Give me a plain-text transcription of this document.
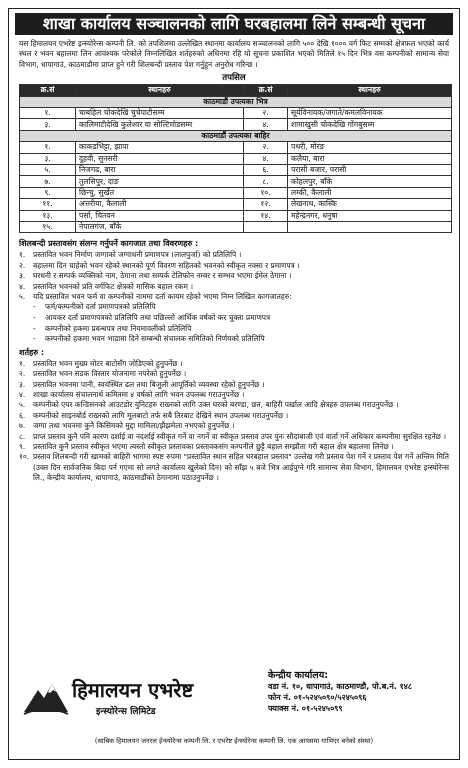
शाखा कार्यालय सञ्चालनको लागि घरबहालमा लिने सम्बन्धी सूचना
यस हिमालयन एभरेष्ट इन्स्योरेन्स कम्पनी लि. को तपशिलमा उल्लेखित स्थानमा कार्यालय सञ्चालनको लागि ५०० देखि १००० वर्ग फिट सम्मको क्षेत्रफल भएको कार्य स्थल र भवन बहालमा लिन आवश्यक परेकोले निम्नलिखित शर्तहरुको अधिनमा रहि यो सूचना प्रकाशित भएको मितिले १५ दिन भित्र यस कम्पनीको सामान्य सेवा विभाग, धापागाउं, काठमाडौमा प्राप्त हुने गरी शिलबन्दी प्रस्ताव पेश गर्नुहुन अनुरोध गरिन्छ ।
तपसिल
क्र.सं	स्थानहरु	क्र.सं	स्थानहरु
काठमाडौं उपत्यका भित्र			
१.	चाबहिल चोकदेखि चुचेपाटीसम्म	२.	सूर्यविनायक/जगाते/कमलविनायक
३.	कालिमाटीदेखि कुलेश्वर वा सोल्टिमोडसम्म	४.	शामाखुसी चोकदेखि गोंगबुसम्म
काठमाडौं उपत्यका बाहिर			
१.	काकडभिट्टा, झापा	२.	पथरी, मोरङ
३.	दुहवी, सुनसरी	४.	कलैया, बारा
५.	निजगढ, बारा	६.	परासी बजार, परासी
७.	तुलसिपुर, दाङ	८.	कोहलपुर, बाँके
९.	छिन्चु, सुर्खेत	१०.	लम्की, कैलाली
११.	अत्तरीया, कैलाली	१२.	लेखनाथ, कास्कि
१३.	पर्सा, चितवन	१४.	महेन्द्रनगर, धनुषा
१५.	नेपालगंज, बाँके		
शिलबन्दी प्रस्तावसंग संलग्न गर्नुपर्ने कागजात तथा विवरणहरु :
१.	प्रस्तावित भवन निर्माण जग्गाको जग्गाधनी प्रमाणपत्र (लालपुर्जा) को प्रतिलिपि ।
२.	बहालमा दिन चाहेको भवन रहेको स्थानको पूर्ण विवरण सहितको भवनको स्वीकृत नक्सा र प्रमाणपत्र ।
३.	घरधनी र सम्पर्क व्यक्तिको नाम, ठेगाना तथा सम्पर्क टेलिफोन नम्बर र सम्भव भएमा ईमेल ठेगाना ।
४.	प्रस्तावित भवनको प्रति वर्गफिट क्षेत्रको मासिक बहाल रकम ।
५.	यदि प्रस्तावित भवन फर्म वा कम्पनीको नाममा दर्ता कायम रहेको भएमा निम्न लिखित कागजातहरु:
-	फर्म/कम्पनीको दर्ता प्रमाणपत्रको प्रतिलिपि
-	आयकर दर्ता प्रमाणपत्रको प्रतिलिपि तथा पछिल्लो आर्थिक वर्षको कर चुक्ता प्रमाणपत्र
-	कम्पनीको हकमा प्रबन्धपत्र तथा नियमावलीको प्रतिलिपि
-	कम्पनीको हकमा भवन भाडामा दिने सम्बन्धी संचालक समितिको निर्णयको प्रतिलिपि
शर्तहरु :
१.	प्रस्तावित भवन मुख्य मोटर बाटोसँग जोडिएको हुनुपर्नेछ ।
२.	प्रस्तावित भवन सडक विस्तार योजनामा नपरेको हुनुपर्नेछ ।
३.	प्रस्तावित भवनमा पानी, स्वयंस्थित ढल तथा बिजुली आपूर्तिको व्यवस्था रहेको हुनुपर्नेछ ।
४.	शाखा कार्यालय संचालनार्थ कमितमा ४ वर्षको लागि भवन उपलब्ध गराउनुपर्नेछ ।
५.	कम्पनीको एयर कन्डिसनको आउटडोर युनिटहरु राख्नको लागि उक्त घरको बरण्डा, छत, बाहिरी पर्खाल आदि क्षेत्रहरु उपलब्ध गराउनुपर्नेछ ।
६.	कम्पनीको साइनबोर्ड राख्नको लागि मूलबाटो तर्फ सबै तिरबाट देखिने स्थान उपलब्ध गराउनुपर्नेछ ।
७.	जग्गा तथा भवनमा कुनै किसिमको मुद्दा मामिला/झैझमेला नभएको हुनुपर्नेछ ।
८.	प्राप्त प्रस्ताव कुनै पनि कारण दर्शाई वा नदर्शाई स्वीकृत गर्ने वा नगर्ने वा स्वीकृत प्रस्ताव उपर पुनः सौदाबाजी एवं वार्ता गर्ने अधिकार कम्पनीमा सुरक्षित रहनेछ ।
९.	प्रस्तावित कुनै प्रस्ताव स्वीकृत भएमा त्यस्तो स्वीकृत प्रस्तावका प्रस्तावकसंग कम्पनीले छुट्टै बहाल सम्झौता गरी बहाल क्षेत्र बहालमा लिनेछ ।
१०. प्रस्ताव शिलबन्दी गरी खामको बाहिरी भागमा स्पष्ट रुपमा "प्रस्तावित स्थान सहित घरबहाल प्रस्ताव" उल्लेख गरी प्रस्ताव पेश गर्ने र प्रस्ताव पेश गर्ने अन्तिम मिति (उक्त दिन सार्वजनिक बिदा पर्न गएमा सो लगते कार्यालय खुलेको दिन) को साँझ ५ बजे भित्र आईपुग्ने गरि सामान्य सेवा विभाग, हिमालयन एभरेष्ट इन्स्योरेन्स लि., केन्द्रीय कार्यालय, धापागाउं, काठमाडौंको ठेगानामा पठाउनुपर्नेछ ।
हिमालयन एभरेष्ट
इन्स्योरेन्स लिमिटेड
केन्द्रीय कार्यालय:
वडा नं. १०, धापागाउं, काठमाण्डौ, पो.ब.नं. १४८
फोन नं. ०१-५२४५०९०/५२४५०९६
फ्याक्स नं. ०१-५२४५०९९
(साबिक हिमालयन जनरल ईन्स्योरेन्स कम्पनी लि. र एभरेष्ट ईन्स्योरेन्स कम्पनी लि. एक आपसमा गाभिएर बनेको संस्था)
